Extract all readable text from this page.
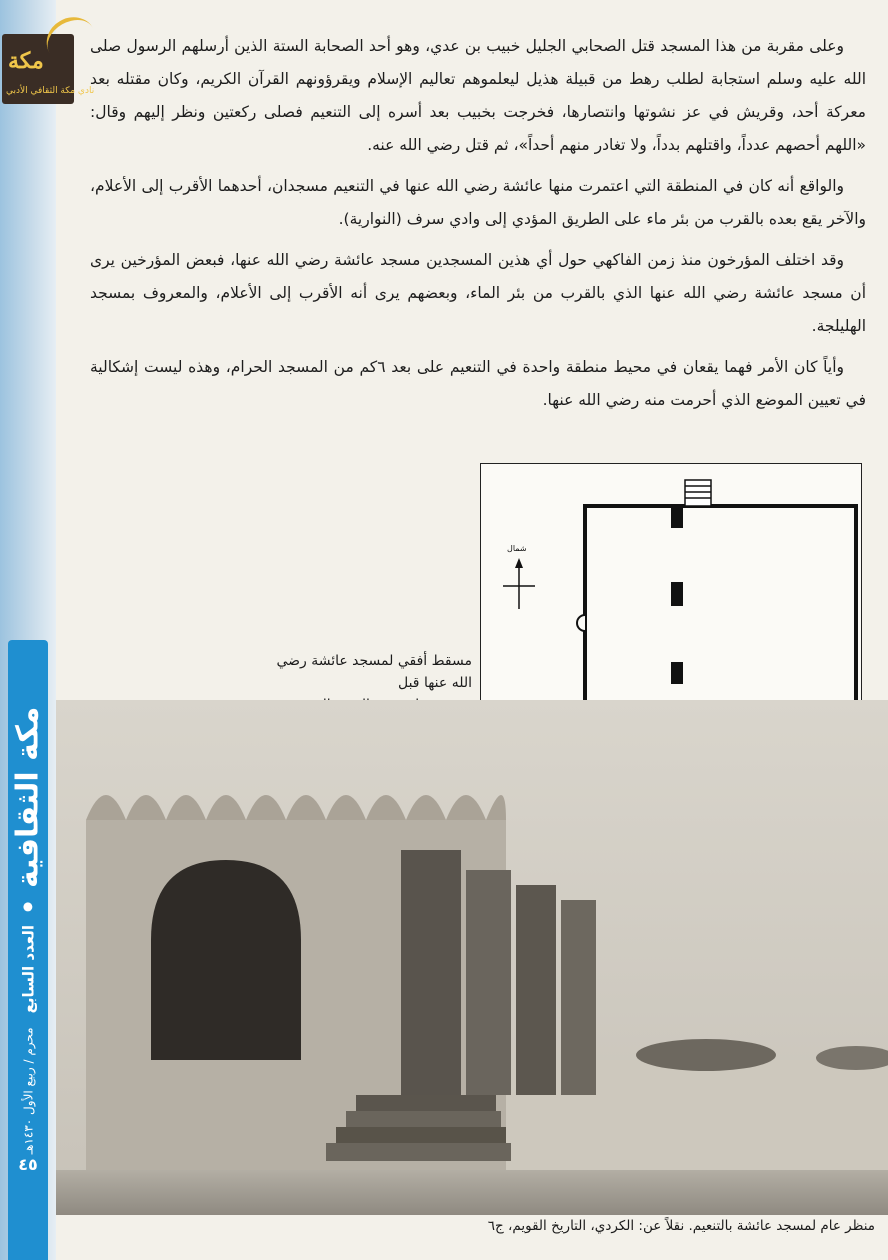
مكة الثقافية
العدد السابع
محرم / ربيع الأول ١٤٣٠هـ
٤٥
مكة
نادي مكة الثقافي الأدبي

وعلى مقربة من هذا المسجد قتل الصحابي الجليل خبيب بن عدي، وهو أحد الصحابة الستة الذين أرسلهم الرسول صلى الله عليه وسلم استجابة لطلب رهط من قبيلة هذيل ليعلموهم تعاليم الإسلام ويقرؤونهم القرآن الكريم، وكان مقتله بعد معركة أحد، وقريش في عز نشوتها وانتصارها، فخرجت بخبيب بعد أسره إلى التنعيم فصلى ركعتين ونظر إليهم وقال: «اللهم أحصهم عدداً، واقتلهم بدداً، ولا تغادر منهم أحداً»، ثم قتل رضي الله عنه.

والواقع أنه كان في المنطقة التي اعتمرت منها عائشة رضي الله عنها في التنعيم مسجدان، أحدهما الأقرب إلى الأعلام، والآخر يقع بعده بالقرب من بئر ماء على الطريق المؤدي إلى وادي سرف (النوارية).

وقد اختلف المؤرخون منذ زمن الفاكهي حول أي هذين المسجدين مسجد عائشة رضي الله عنها، فبعض المؤرخين يرى أن مسجد عائشة رضي الله عنها الذي بالقرب من بئر الماء، وبعضهم يرى أنه الأقرب إلى الأعلام، والمعروف بمسجد الهليلجة.

وأياً كان الأمر فهما يقعان في محيط منطقة واحدة في التنعيم على بعد ٦كم من المسجد الحرام، وهذه ليست إشكالية في تعيين الموضع الذي أحرمت منه رضي الله عنها.

شمال
مسقط أفقي لمسجد عائشة رضي الله عنها قبل
منظر عام لمسجد عائشة بالتنعيم. نقلاً عن: الكردي، التاريخ القويم، ج٦
